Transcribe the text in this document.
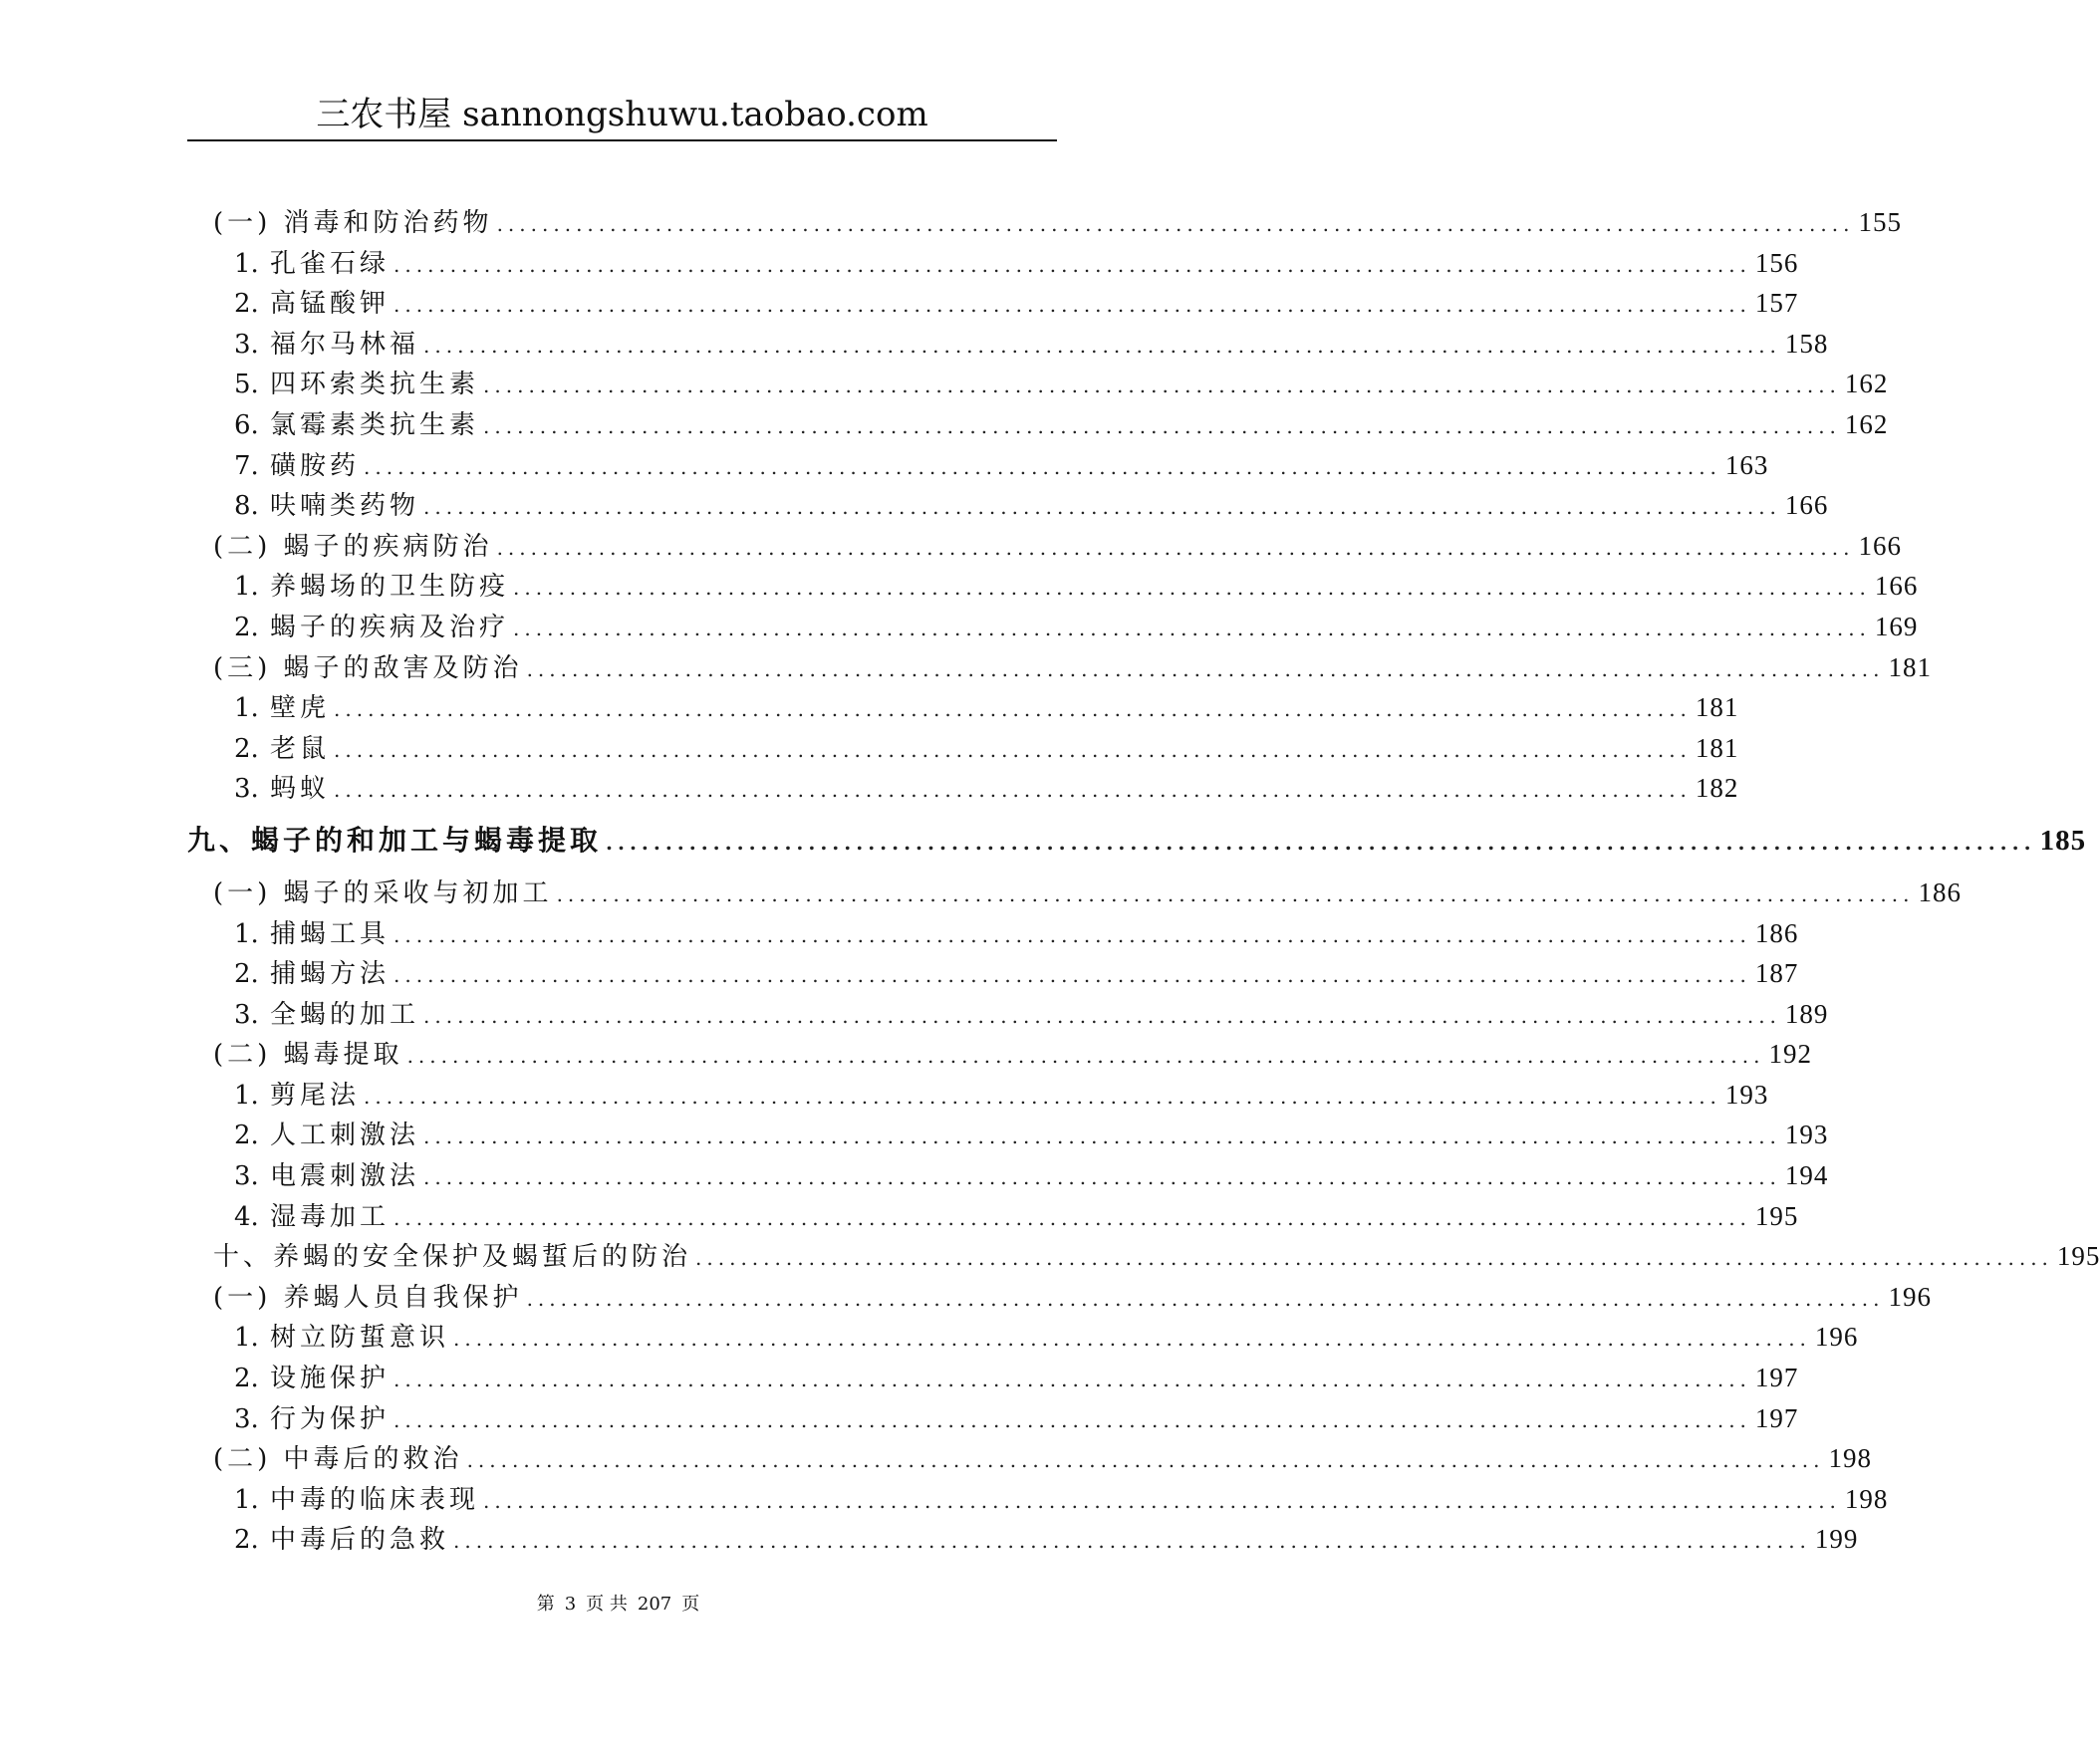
三农书屋 sannongshuwu.taobao.com
(一) 消毒和防治药物 ........................................................................................................................ 155
1. 孔雀石绿 ........................................................................................................................ 156
2. 高锰酸钾 ........................................................................................................................ 157
3. 福尔马林福 ........................................................................................................................ 158
5. 四环索类抗生素 ........................................................................................................................ 162
6. 氯霉素类抗生素 ........................................................................................................................ 162
7. 磺胺药 ........................................................................................................................ 163
8. 呋喃类药物 ........................................................................................................................ 166
(二) 蝎子的疾病防治 ........................................................................................................................ 166
1. 养蝎场的卫生防疫 ........................................................................................................................ 166
2. 蝎子的疾病及治疗 ........................................................................................................................ 169
(三) 蝎子的敌害及防治 ........................................................................................................................ 181
1. 壁虎 ........................................................................................................................ 181
2. 老鼠 ........................................................................................................................ 181
3. 蚂蚁 ........................................................................................................................ 182
九、蝎子的和加工与蝎毒提取 ........................................................................................................................ 185
(一) 蝎子的采收与初加工 ........................................................................................................................ 186
1. 捕蝎工具 ........................................................................................................................ 186
2. 捕蝎方法 ........................................................................................................................ 187
3. 全蝎的加工 ........................................................................................................................ 189
(二) 蝎毒提取 ........................................................................................................................ 192
1. 剪尾法 ........................................................................................................................ 193
2. 人工刺激法 ........................................................................................................................ 193
3. 电震刺激法 ........................................................................................................................ 194
4. 湿毒加工 ........................................................................................................................ 195
十、养蝎的安全保护及蝎蜇后的防治 ........................................................................................................................ 195
(一) 养蝎人员自我保护 ........................................................................................................................ 196
1. 树立防蜇意识 ........................................................................................................................ 196
2. 设施保护 ........................................................................................................................ 197
3. 行为保护 ........................................................................................................................ 197
(二) 中毒后的救治 ........................................................................................................................ 198
1. 中毒的临床表现 ........................................................................................................................ 198
2. 中毒后的急救 ........................................................................................................................ 199
第 3 页 共 207 页
